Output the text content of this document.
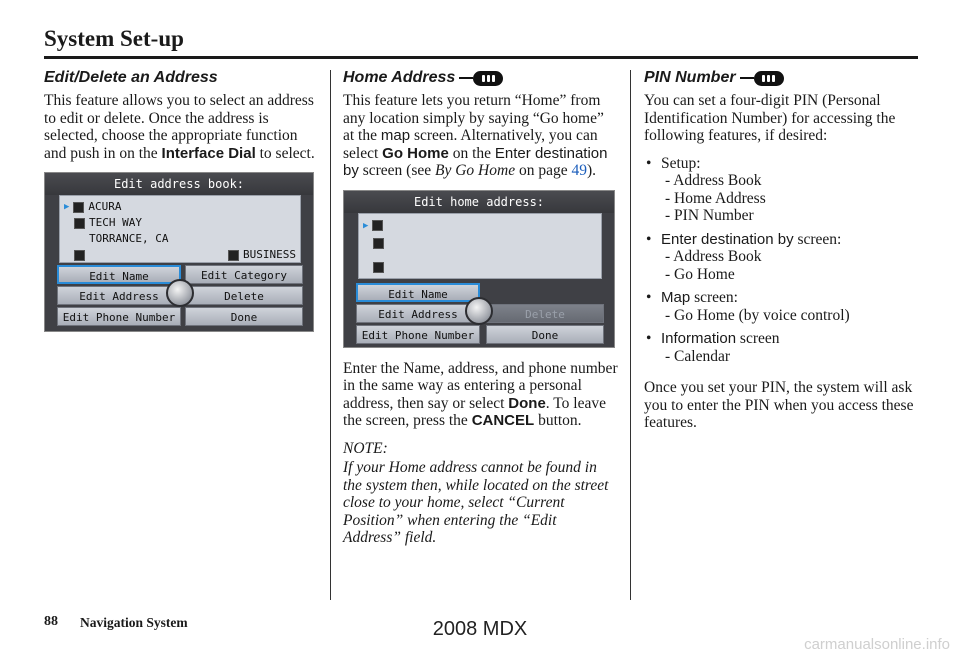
System Set-up
Edit/Delete an Address

This feature allows you to select an address to edit or delete. Once the address is selected, choose the appropriate function and push in on the Interface Dial to select.

Edit address book:
▶ ACURA
TECH WAY
TORRANCE, CA
BUSINESS
Edit Name	Edit Category
Edit Address	Delete
Edit Phone Number	Done
Home Address

This feature lets you return “Home” from any location simply by saying “Go home” at the map screen. Alternatively, you can select Go Home on the Enter destination by screen (see By Go Home on page 49).

Edit home address:
▶
Edit Name
Edit Address	Delete
Edit Phone Number	Done

Enter the Name, address, and phone number in the same way as entering a personal address, then say or select Done. To leave the screen, press the CANCEL button.

NOTE:

If your Home address cannot be found in the system then, while located on the street close to your home, select “Current Position” when entering the “Edit Address” field.

PIN Number

You can set a four-digit PIN (Personal Identification Number) for accessing the following features, if desired:

• Setup:
- Address Book
- Home Address
- PIN Number
• Enter destination by screen:
- Address Book
- Go Home
• Map screen:
- Go Home (by voice control)
• Information screen
- Calendar

Once you set your PIN, the system will ask you to enter the PIN when you access these features.

88 Navigation System	2008 MDX
carmanualsonline.info
